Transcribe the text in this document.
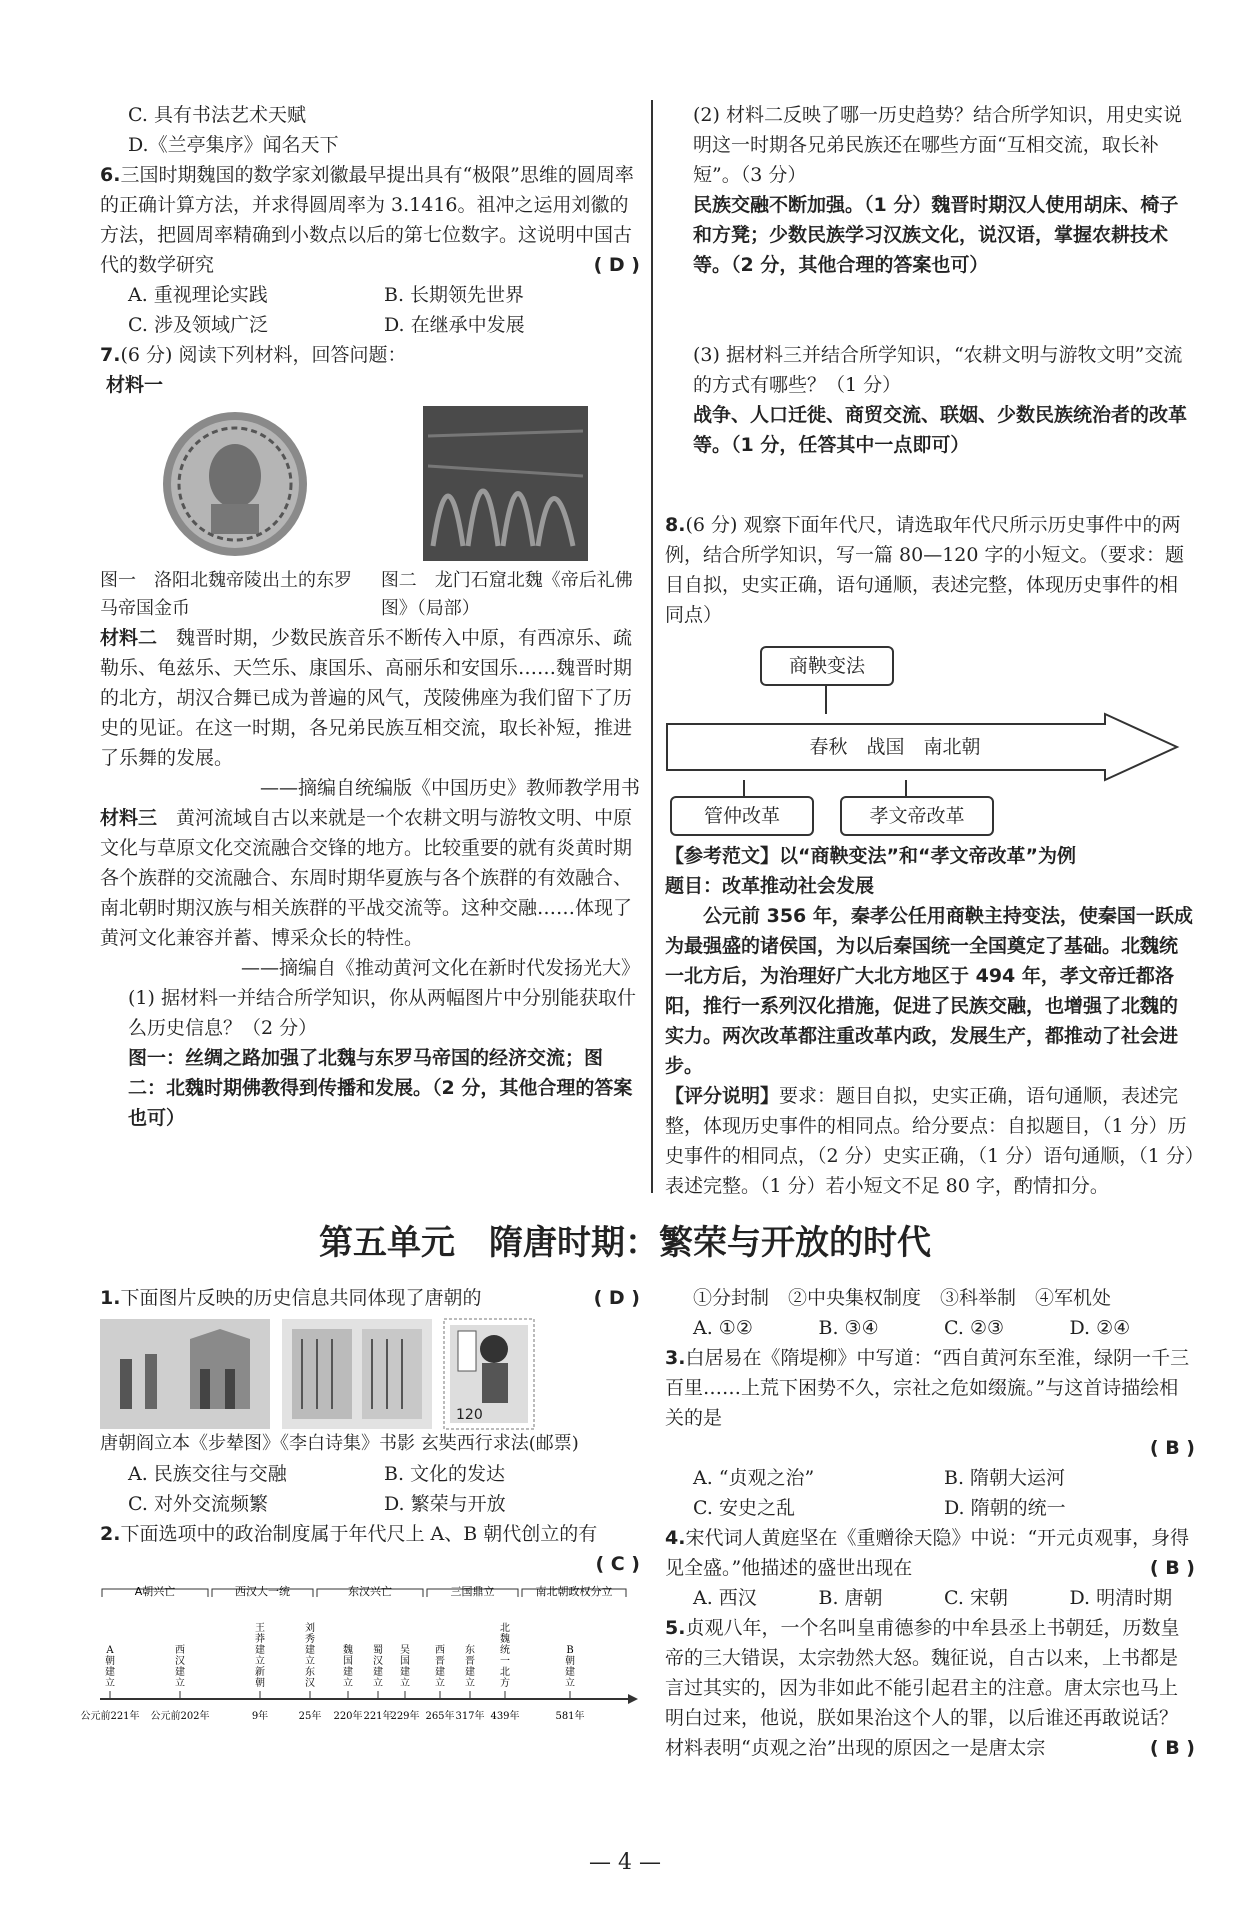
C. 具有书法艺术天赋

D.《兰亭集序》闻名天下

6.三国时期魏国的数学家刘徽最早提出具有“极限”思维的圆周率的正确计算方法，并求得圆周率为 3.1416。祖冲之运用刘徽的方法，把圆周率精确到小数点以后的第七位数字。这说明中国古代的数学研究	( D )

A. 重视理论实践	B. 长期领先世界
C. 涉及领域广泛	D. 在继承中发展

7.(6 分) 阅读下列材料，回答问题：

材料一

图一　洛阳北魏帝陵出土的东罗马帝国金币
图二　龙门石窟北魏《帝后礼佛图》（局部）

材料二　 魏晋时期，少数民族音乐不断传入中原，有西凉乐、疏勒乐、龟兹乐、天竺乐、康国乐、高丽乐和安国乐……魏晋时期的北方，胡汉合舞已成为普遍的风气，茂陵佛座为我们留下了历史的见证。在这一时期，各兄弟民族互相交流，取长补短，推进了乐舞的发展。

——摘编自统编版《中国历史》教师教学用书

材料三　 黄河流域自古以来就是一个农耕文明与游牧文明、中原文化与草原文化交流融合交锋的地方。比较重要的就有炎黄时期各个族群的交流融合、东周时期华夏族与各个族群的有效融合、南北朝时期汉族与相关族群的平战交流等。这种交融……体现了黄河文化兼容并蓄、博采众长的特性。

——摘编自《推动黄河文化在新时代发扬光大》

(1) 据材料一并结合所学知识，你从两幅图片中分别能获取什么历史信息？（2 分）

图一：丝绸之路加强了北魏与东罗马帝国的经济交流；图二：北魏时期佛教得到传播和发展。（2 分，其他合理的答案也可）

(2) 材料二反映了哪一历史趋势？结合所学知识，用史实说明这一时期各兄弟民族还在哪些方面“互相交流，取长补短”。（3 分）

民族交融不断加强。（1 分）魏晋时期汉人使用胡床、椅子和方凳；少数民族学习汉族文化，说汉语，掌握农耕技术等。（2 分，其他合理的答案也可）

(3) 据材料三并结合所学知识，“农耕文明与游牧文明”交流的方式有哪些？（1 分）

战争、人口迁徙、商贸交流、联姻、少数民族统治者的改革等。（1 分，任答其中一点即可）

8.(6 分) 观察下面年代尺，请选取年代尺所示历史事件中的两例，结合所学知识，写一篇 80—120 字的小短文。（要求：题目自拟，史实正确，语句通顺，表述完整，体现历史事件的相同点）

商鞅变法
春秋　战国　南北朝
管仲改革	孝文帝改革

【参考范文】以“商鞅变法”和“孝文帝改革”为例

题目：改革推动社会发展

公元前 356 年，秦孝公任用商鞅主持变法，使秦国一跃成为最强盛的诸侯国，为以后秦国统一全国奠定了基础。北魏统一北方后，为治理好广大北方地区于 494 年，孝文帝迁都洛阳，推行一系列汉化措施，促进了民族交融，也增强了北魏的实力。两次改革都注重改革内政，发展生产，都推动了社会进步。

【评分说明】要求：题目自拟，史实正确，语句通顺，表述完整，体现历史事件的相同点。给分要点：自拟题目，（1 分）历史事件的相同点，（2 分）史实正确，（1 分）语句通顺，（1 分）表述完整。（1 分）若小短文不足 80 字，酌情扣分。

第五单元　隋唐时期：繁荣与开放的时代

1.下面图片反映的历史信息共同体现了唐朝的	( D )

120

唐朝阎立本《步辇图》《李白诗集》书影 玄奘西行求法(邮票)

A. 民族交往与交融	B. 文化的发达
C. 对外交流频繁	D. 繁荣与开放

2.下面选项中的政治制度属于年代尺上 A、B 朝代创立的有

( C )

A朝兴亡	西汉大一统	东汉兴亡	三国鼎立	南北朝政权分立
A 朝建立
公元前221年
西汉建立
公元前202年
王莽建立新朝
9年
刘秀建立东汉
25年
魏国建立
220年
蜀汉建立
221年
吴国建立
229年
西晋建立
265年
东晋建立
317年
北魏统一北方
439年
B 朝建立
581年

①分封制　②中央集权制度　③科举制　④军机处

A. ①②	B. ③④	C. ②③	D. ②④

3.白居易在《隋堤柳》中写道：“西自黄河东至淮，绿阴一千三百里……上荒下困势不久，宗社之危如缀旒。”与这首诗描绘相关的是

( B )

A. “贞观之治”	B. 隋朝大运河
C. 安史之乱	D. 隋朝的统一

4.宋代词人黄庭坚在《重赠徐天隐》中说：“开元贞观事，身得见全盛。”他描述的盛世出现在	( B )

A. 西汉	B. 唐朝	C. 宋朝	D. 明清时期

5.贞观八年，一个名叫皇甫德参的中牟县丞上书朝廷，历数皇帝的三大错误，太宗勃然大怒。魏征说，自古以来，上书都是言过其实的，因为非如此不能引起君主的注意。唐太宗也马上明白过来，他说，朕如果治这个人的罪，以后谁还再敢说话？材料表明“贞观之治”出现的原因之一是唐太宗	( B )

— 4 —
